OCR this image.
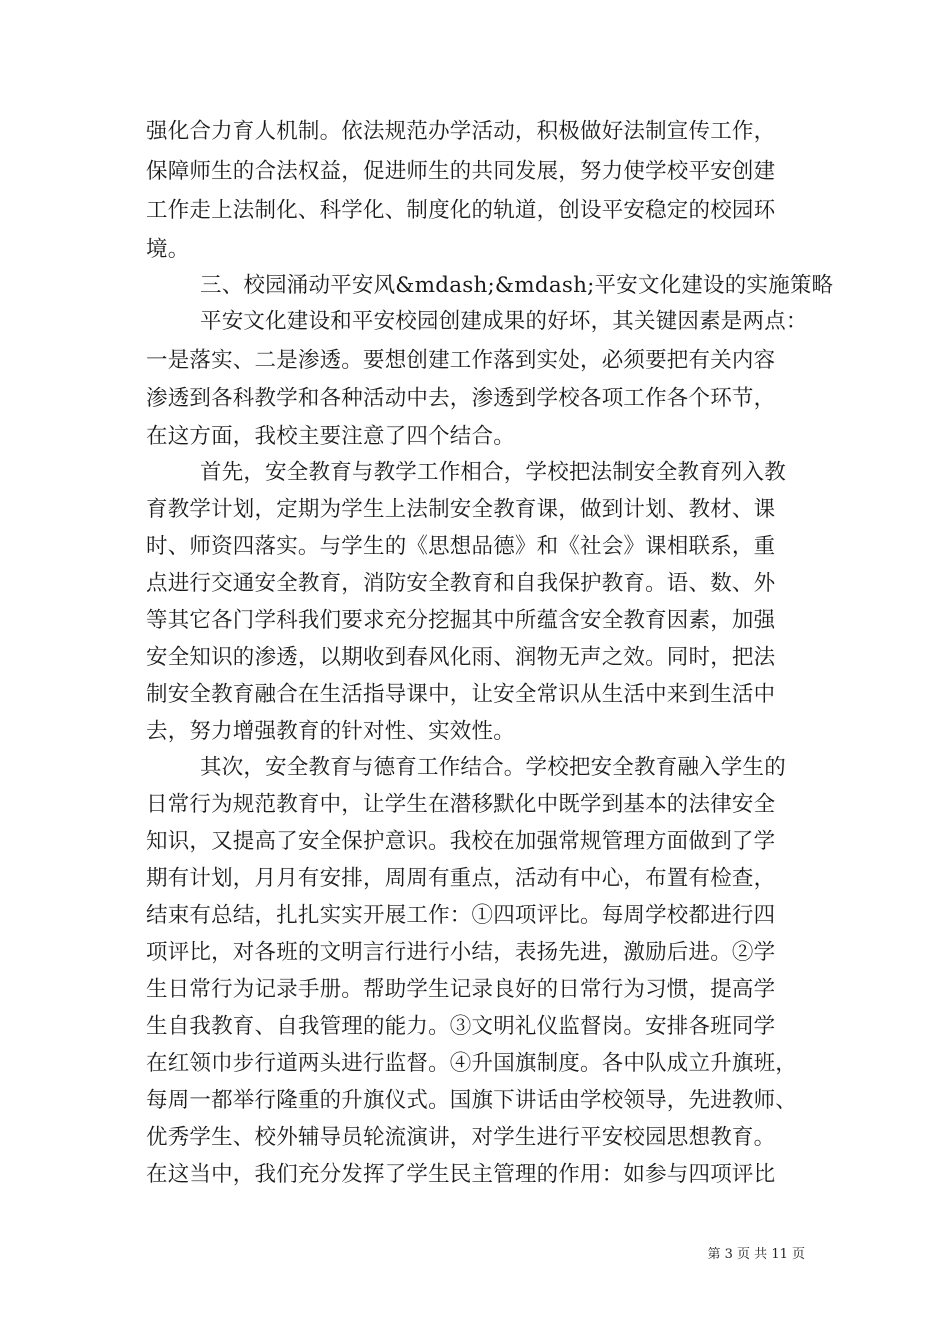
强化合力育人机制。依法规范办学活动，积极做好法制宣传工作，
保障师生的合法权益，促进师生的共同发展，努力使学校平安创建
工作走上法制化、科学化、制度化的轨道，创设平安稳定的校园环
境。
三、校园涌动平安风&mdash;&mdash;平安文化建设的实施策略
平安文化建设和平安校园创建成果的好坏，其关键因素是两点：
一是落实、二是渗透。要想创建工作落到实处，必须要把有关内容
渗透到各科教学和各种活动中去，渗透到学校各项工作各个环节，
在这方面，我校主要注意了四个结合。
首先，安全教育与教学工作相合，学校把法制安全教育列入教
育教学计划，定期为学生上法制安全教育课，做到计划、教材、课
时、师资四落实。与学生的《思想品德》和《社会》课相联系，重
点进行交通安全教育，消防安全教育和自我保护教育。语、数、外
等其它各门学科我们要求充分挖掘其中所蕴含安全教育因素，加强
安全知识的渗透，以期收到春风化雨、润物无声之效。同时，把法
制安全教育融合在生活指导课中，让安全常识从生活中来到生活中
去，努力增强教育的针对性、实效性。
其次，安全教育与德育工作结合。学校把安全教育融入学生的
日常行为规范教育中，让学生在潜移默化中既学到基本的法律安全
知识，又提高了安全保护意识。我校在加强常规管理方面做到了学
期有计划，月月有安排，周周有重点，活动有中心，布置有检查，
结束有总结，扎扎实实开展工作：①四项评比。每周学校都进行四
项评比，对各班的文明言行进行小结，表扬先进，激励后进。②学
生日常行为记录手册。帮助学生记录良好的日常行为习惯，提高学
生自我教育、自我管理的能力。③文明礼仪监督岗。安排各班同学
在红领巾步行道两头进行监督。④升国旗制度。各中队成立升旗班，
每周一都举行隆重的升旗仪式。国旗下讲话由学校领导，先进教师、
优秀学生、校外辅导员轮流演讲，对学生进行平安校园思想教育。
在这当中，我们充分发挥了学生民主管理的作用：如参与四项评比
第 3 页 共 11 页
